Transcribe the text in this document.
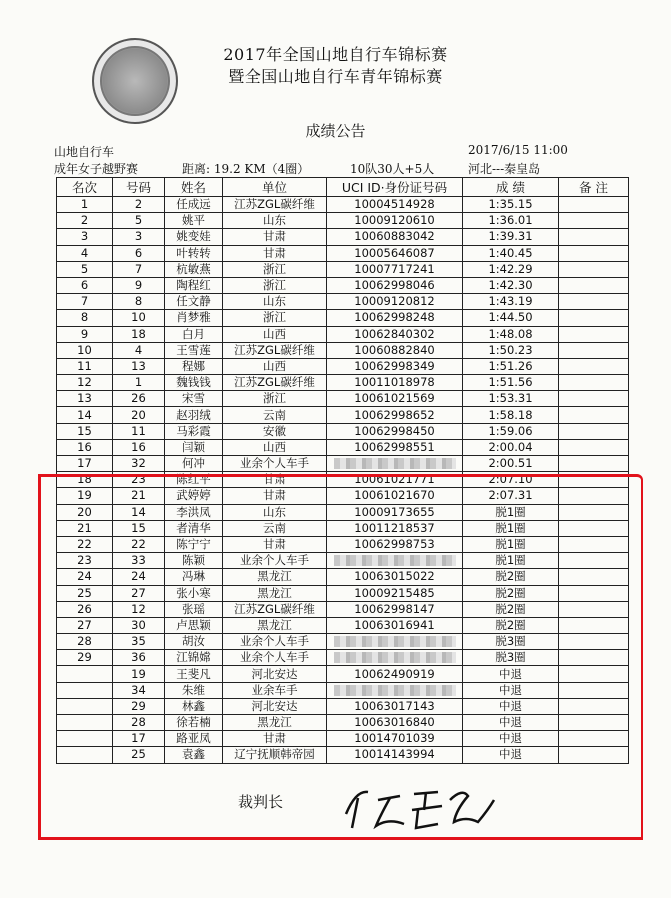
2017年全国山地自行车锦标赛
暨全国山地自行车青年锦标赛
成绩公告
山地自行车	2017/6/15 11:00
成年女子越野赛	距离: 19.2 KM（4圈）	10队30人+5人	河北---秦皇岛
名次	号码	姓名	单位	UCI ID·身份证号码	成 绩	备 注
1	2	任成远	江苏ZGL碳纤维	10004514928	1:35.15	
2	5	姚平	山东	10009120610	1:36.01	
3	3	姚变娃	甘肃	10060883042	1:39.31	
4	6	叶转转	甘肃	10005646087	1:40.45	
5	7	杭敏燕	浙江	10007717241	1:42.29	
6	9	陶程红	浙江	10062998046	1:42.30	
7	8	任文静	山东	10009120812	1:43.19	
8	10	肖梦雅	浙江	10062998248	1:44.50	
9	18	白月	山西	10062840302	1:48.08	
10	4	王雪莲	江苏ZGL碳纤维	10060882840	1:50.23	
11	13	程娜	山西	10062998349	1:51.26	
12	1	魏钱钱	江苏ZGL碳纤维	10011018978	1:51.56	
13	26	宋雪	浙江	10061021569	1:53.31	
14	20	赵羽绒	云南	10062998652	1:58.18	
15	11	马彩霞	安徽	10062998450	1:59.06	
16	16	闫颖	山西	10062998551	2:00.04	
17	32	何冲	业余个人车手		2:00.51	
18	23	陈红平	甘肃	10061021771	2:07.10	
19	21	武婷婷	甘肃	10061021670	2:07.31	
20	14	李洪凤	山东	10009173655	脱1圈	
21	15	者清华	云南	10011218537	脱1圈	
22	22	陈宁宁	甘肃	10062998753	脱1圈	
23	33	陈颖	业余个人车手		脱1圈	
24	24	冯琳	黑龙江	10063015022	脱2圈	
25	27	张小寒	黑龙江	10009215485	脱2圈	
26	12	张瑶	江苏ZGL碳纤维	10062998147	脱2圈	
27	30	卢思颖	黑龙江	10063016941	脱2圈	
28	35	胡汝	业余个人车手		脱3圈	
29	36	江锦嫦	业余个人车手		脱3圈	
	19	王斐凡	河北安达	10062490919	中退	
	34	朱维	业余车手		中退	
	29	林鑫	河北安达	10063017143	中退	
	28	徐若楠	黑龙江	10063016840	中退	
	17	路亚凤	甘肃	10014701039	中退	
	25	袁鑫	辽宁抚顺韩帝园	10014143994	中退	
裁判长
